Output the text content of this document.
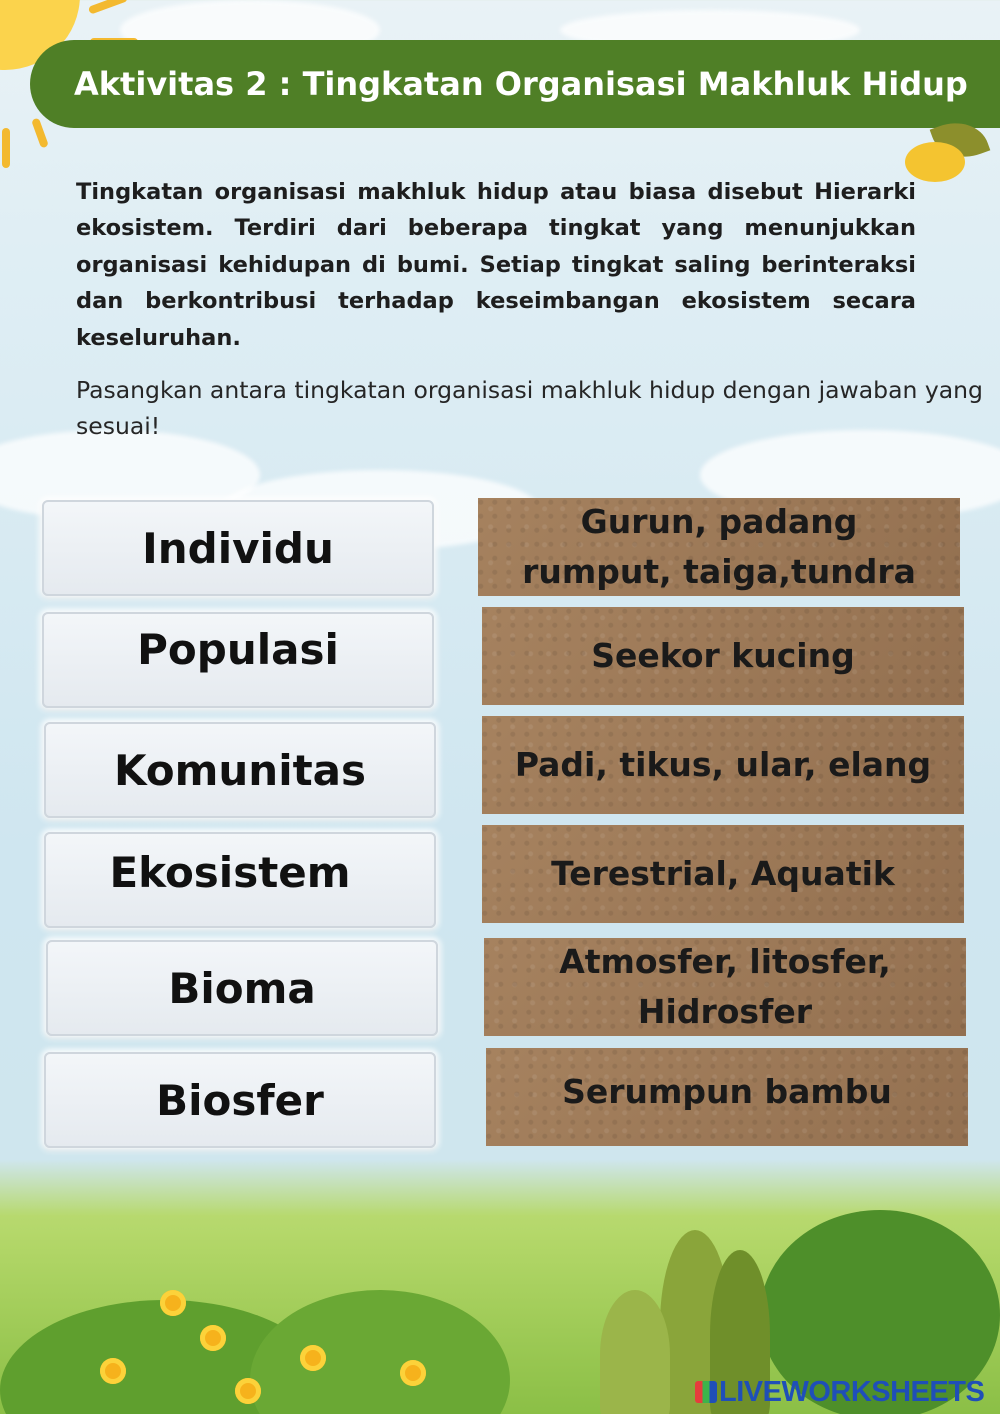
Aktivitas 2 : Tingkatan Organisasi Makhluk Hidup

Tingkatan organisasi makhluk hidup atau biasa disebut Hierarki ekosistem. Terdiri dari beberapa tingkat yang menunjukkan organisasi kehidupan di bumi. Setiap tingkat saling berinteraksi dan berkontribusi terhadap keseimbangan ekosistem secara keseluruhan.

Pasangkan antara tingkatan organisasi makhluk hidup dengan jawaban yang sesuai!

Individu
Populasi
Komunitas
Ekosistem
Bioma
Biosfer
Gurun, padang rumput, taiga,tundra
Seekor kucing
Padi, tikus, ular, elang
Terestrial, Aquatik
Atmosfer, litosfer, Hidrosfer
Serumpun bambu
LIVEWORKSHEETS
